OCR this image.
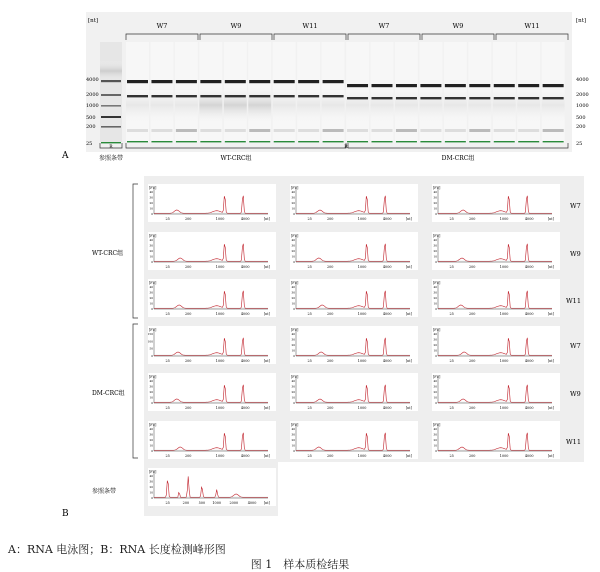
[nt]	[nt]
4000
2000
1000
500
200
25
4000
2000
1000
500
200
25
W7	W9	W11	W7	W9	W11
R	R
参照条带	WT-CRC组	DM-CRC组
A
WT-CRC组
DM-CRC组
参照条带
W7
W9
W11
W7
W9
W11
[FU]
[nt]
0
10
20
30
40
25	200	1000	4000
[FU]
[nt]
0
10
20
30
40
25	200	1000	4000
[FU]
[nt]
0
10
20
30
40
25	200	1000	4000
[FU]
[nt]
0
10
20
30
40
25	200	1000	4000
[FU]
[nt]
0
10
20
30
40
25	200	1000	4000
[FU]
[nt]
0
10
20
30
40
25	200	1000	4000
[FU]
[nt]
0
10
20
30
40
25	200	1000	4000
[FU]
[nt]
0
10
20
30
40
25	200	1000	4000
[FU]
[nt]
0
10
20
30
40
25	200	1000	4000
[FU]
[nt]
0
50
100
150
25	200	1000	4000
[FU]
[nt]
0
10
20
30
40
25	200	1000	4000
[FU]
[nt]
0
10
20
30
40
25	200	1000	4000
[FU]
[nt]
0
10
20
30
40
25	200	1000	4000
[FU]
[nt]
0
10
20
30
40
25	200	1000	4000
[FU]
[nt]
0
10
20
30
40
25	200	1000	4000
[FU]
[nt]
0
10
20
30
40
25	200	1000	4000
[FU]
[nt]
0
10
20
30
40
25	200	1000	4000
[FU]
[nt]
0
10
20
30
40
25	200	1000	4000
[FU]
[nt]
0
10
20
30
40
25	200	500 1000 2000	4000
B
A：RNA 电泳图；B：RNA 长度检测峰形图
图 1　样本质检结果
